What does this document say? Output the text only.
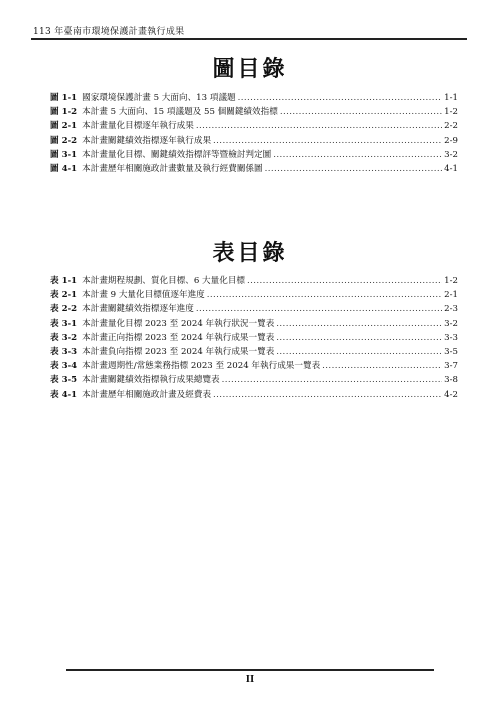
113 年臺南市環境保護計畫執行成果
圖目錄
圖 1-1 國家環境保護計畫 5 大面向、13 項議題 .....	1-1
圖 1-2 本計畫 5 大面向、15 項議題及 55 個關鍵績效指標 .....	1-2
圖 2-1 本計畫量化目標逐年執行成果 .....	2-2
圖 2-2 本計畫關鍵績效指標逐年執行成果 .....	2-9
圖 3-1 本計畫量化目標、關鍵績效指標評等暨檢討判定圖 .....	3-2
圖 4-1 本計畫歷年相關施政計畫數量及執行經費關係圖 .....	4-1
表目錄
表 1-1 本計畫期程規劃、質化目標、6 大量化目標 .....	1-2
表 2-1 本計畫 9 大量化目標值逐年進度 .....	2-1
表 2-2 本計畫關鍵績效指標逐年進度 .....	2-3
表 3-1 本計畫量化目標 2023 至 2024 年執行狀況一覽表 .....	3-2
表 3-2 本計畫正向指標 2023 至 2024 年執行成果一覽表 .....	3-3
表 3-3 本計畫負向指標 2023 至 2024 年執行成果一覽表 .....	3-5
表 3-4 本計畫週期性/常態業務指標 2023 至 2024 年執行成果一覽表 .....	3-7
表 3-5 本計畫關鍵績效指標執行成果總覽表 .....	3-8
表 4-1 本計畫歷年相關施政計畫及經費表 .....	4-2
II
